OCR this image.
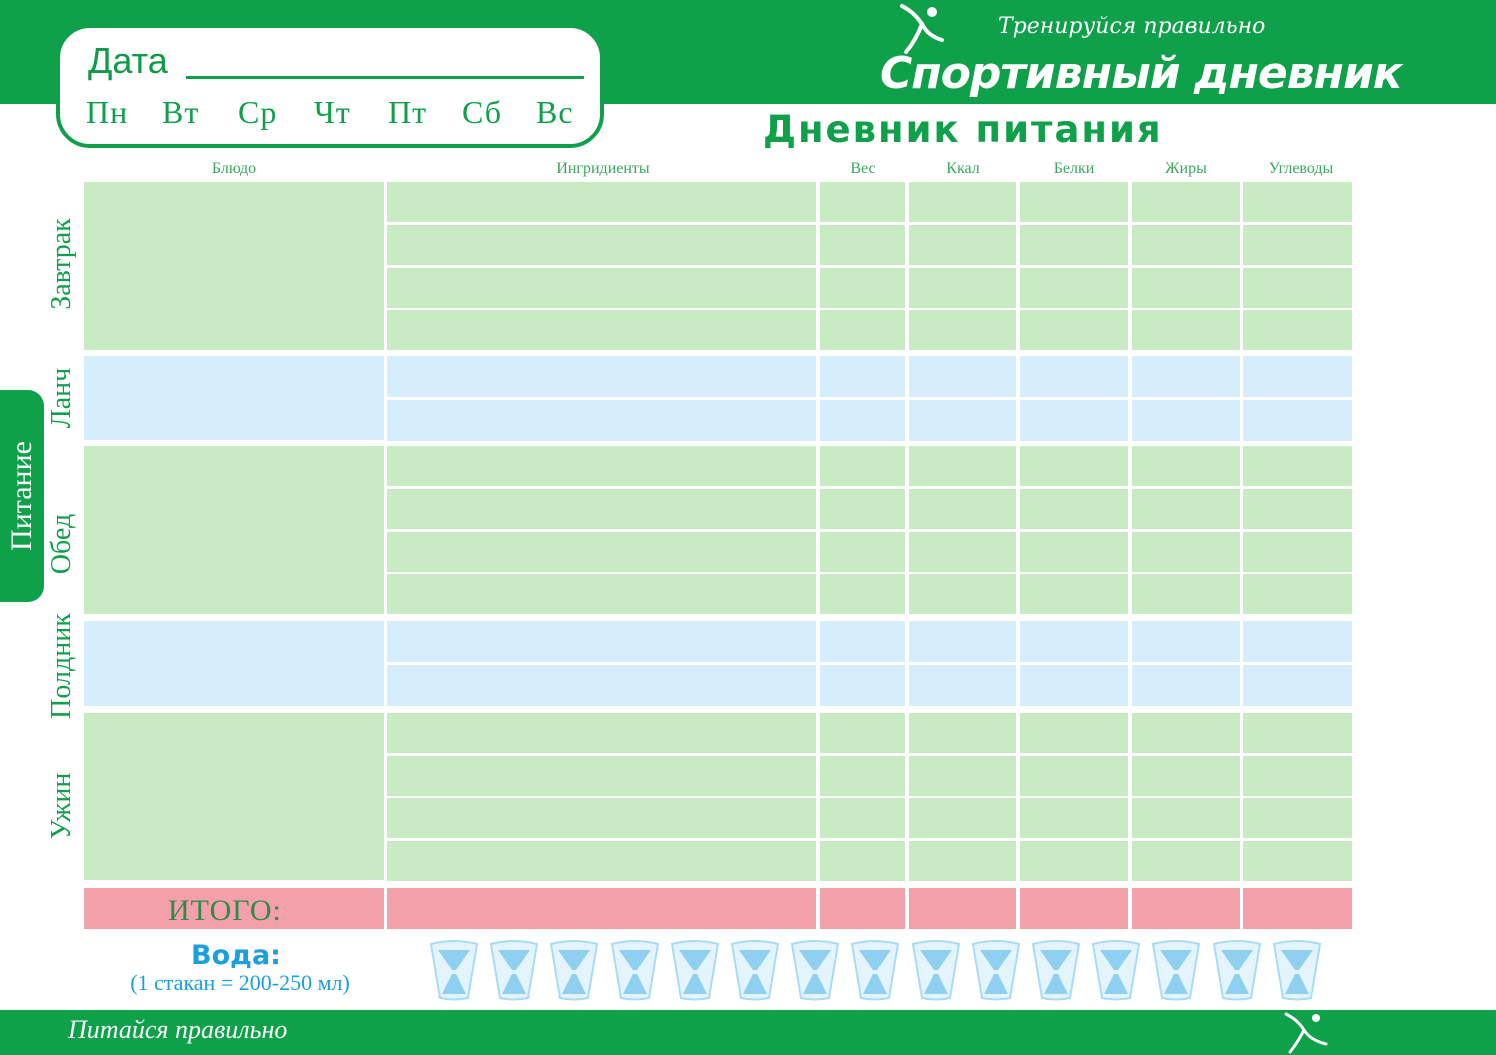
Питание
Дата
Пн Вт Ср Чт Пт Сб Вс
Тренируйся правильно
Спортивный дневник
Дневник питания
Блюдо	Ингридиенты	Вес	Ккал	Белки	Жиры	Углеводы
Завтрак
Ланч
Обед
Полдник
Ужин
ИТОГО:
Вода:
(1 стакан = 200-250 мл)
Питайся правильно
